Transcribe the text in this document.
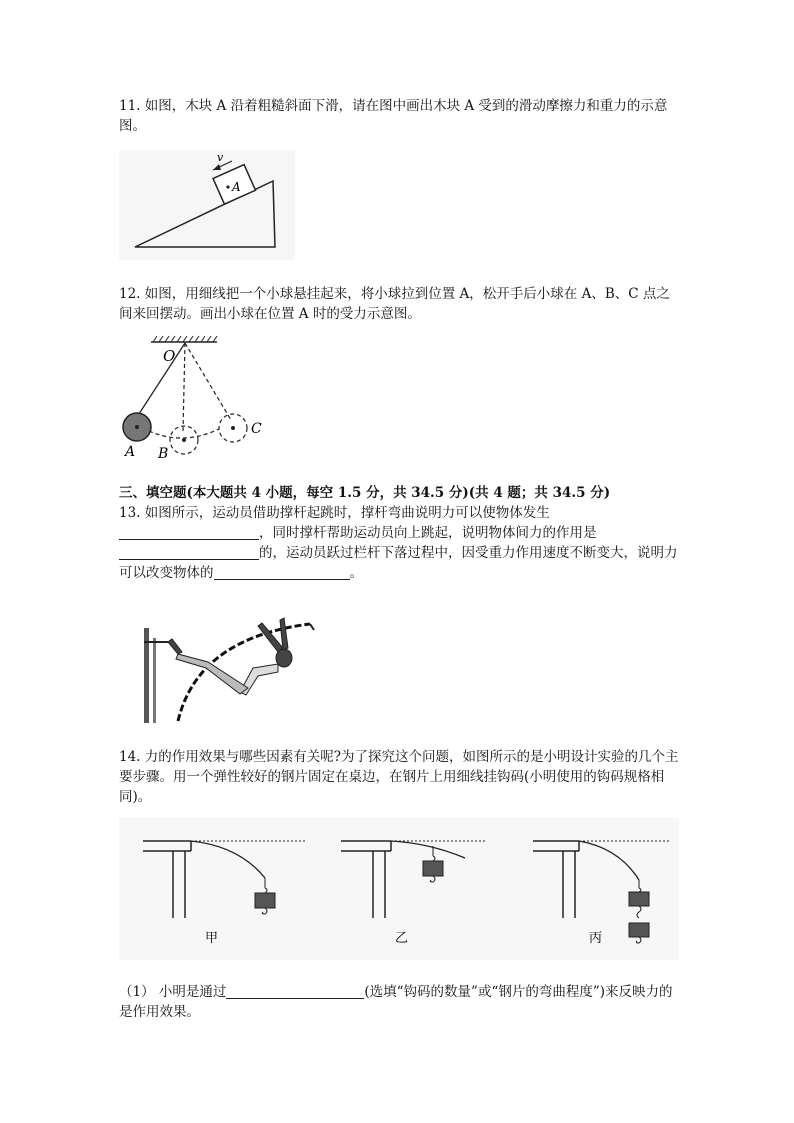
11. 如图，木块 A 沿着粗糙斜面下滑，请在图中画出木块 A 受到的滑动摩擦力和重力的示意图。

A
v

12. 如图，用细线把一个小球悬挂起来，将小球拉到位置 A，松开手后小球在 A、B、C 点之间来回摆动。画出小球在位置 A 时的受力示意图。

O
A B
C

三、填空题(本大题共 4 小题，每空 1.5 分，共 34.5 分)(共 4 题；共 34.5 分)

13. 如图所示，运动员借助撑杆起跳时，撑杆弯曲说明力可以使物体发生，同时撑杆帮助运动员向上跳起，说明物体间力的作用是的，运动员跃过栏杆下落过程中，因受重力作用速度不断变大，说明力可以改变物体的	。

14. 力的作用效果与哪些因素有关呢?为了探究这个问题，如图所示的是小明设计实验的几个主要步骤。用一个弹性较好的钢片固定在桌边，在钢片上用细线挂钩码(小明使用的钩码规格相同)。

甲	乙	丙

（1） 小明是通过	(选填“钩码的数量”或“钢片的弯曲程度”)来反映力的是作用效果。
